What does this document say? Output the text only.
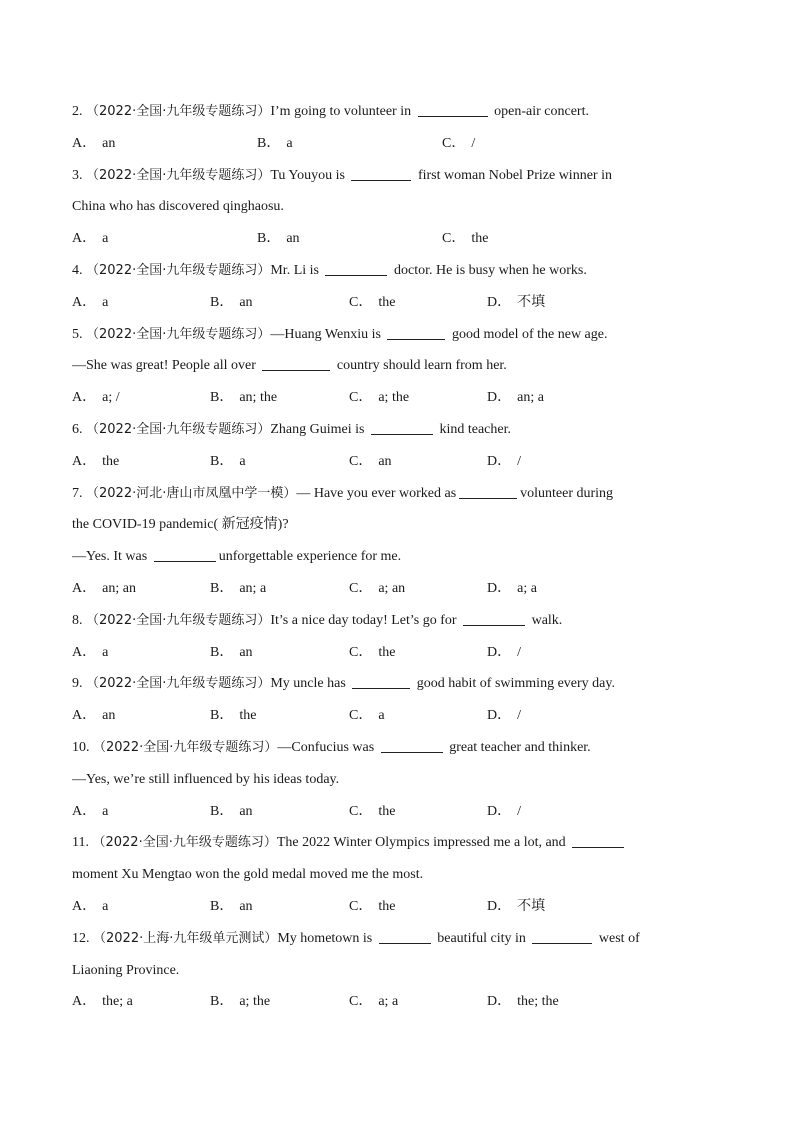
2. （2022·全国·九年级专题练习）I’m going to volunteer in	open-air concert.
A． an	B． a	C． /
3. （2022·全国·九年级专题练习）Tu Youyou is	first woman Nobel Prize winner in
China who has discovered qinghaosu.
A． a	B． an	C． the
4. （2022·全国·九年级专题练习）Mr. Li is	doctor. He is busy when he works.
A． a	B． an	C． the	D． 不填
5. （2022·全国·九年级专题练习）—Huang Wenxiu is	good model of the new age.
—She was great! People all over	country should learn from her.
A． a; /	B． an; the	C． a; the	D． an; a
6. （2022·全国·九年级专题练习）Zhang Guimei is	kind teacher.
A． the	B． a	C． an	D． /
7. （2022·河北·唐山市凤凰中学一模）— Have you ever worked as	volunteer during
the COVID-19 pandemic( 新冠疫情)?
—Yes. It was	unforgettable experience for me.
A． an; an	B． an; a	C． a; an	D． a; a
8. （2022·全国·九年级专题练习）It’s a nice day today! Let’s go for	walk.
A． a	B． an	C． the	D． /
9. （2022·全国·九年级专题练习）My uncle has	good habit of swimming every day.
A． an	B． the	C． a	D． /
10. （2022·全国·九年级专题练习）—Confucius was	great teacher and thinker.
—Yes, we’re still influenced by his ideas today.
A． a	B． an	C． the	D． /
11. （2022·全国·九年级专题练习）The 2022 Winter Olympics impressed me a lot, and
moment Xu Mengtao won the gold medal moved me the most.
A． a	B． an	C． the	D． 不填
12. （2022·上海·九年级单元测试）My hometown is	beautiful city in	west of
Liaoning Province.
A． the; a	B． a; the	C． a; a	D． the; the
